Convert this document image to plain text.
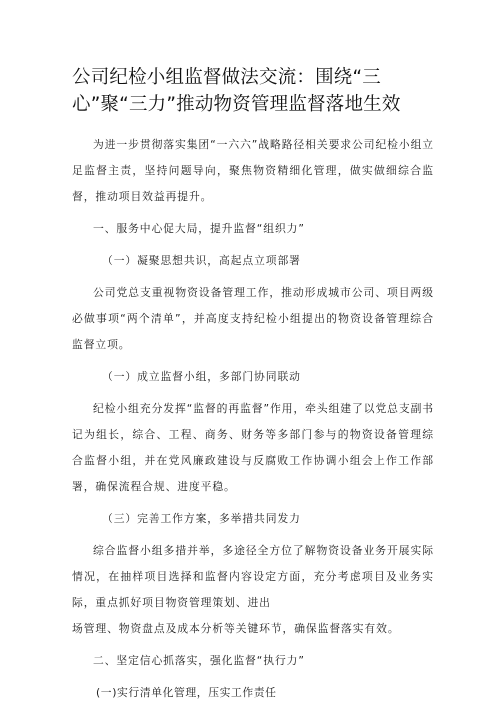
公司纪检小组监督做法交流：围绕“三心”聚“三力”推动物资管理监督落地生效

为进一步贯彻落实集团“一六六”战略路径相关要求公司纪检小组立足监督主责，坚持问题导向，聚焦物资精细化管理，做实做细综合监督，推动项目效益再提升。

一、服务中心促大局，提升监督“组织力”

（一）凝聚思想共识，高起点立项部署

公司党总支重视物资设备管理工作，推动形成城市公司、项目两级必做事项“两个清单”，并高度支持纪检小组提出的物资设备管理综合监督立项。

（一）成立监督小组，多部门协同联动

纪检小组充分发挥“监督的再监督”作用，牵头组建了以党总支副书记为组长，综合、工程、商务、财务等多部门参与的物资设备管理综合监督小组，并在党风廉政建设与反腐败工作协调小组会上作工作部署，确保流程合规、进度平稳。

（三）完善工作方案，多举措共同发力

综合监督小组多措并举，多途径全方位了解物资设备业务开展实际情况，在抽样项目选择和监督内容设定方面，充分考虑项目及业务实际，重点抓好项目物资管理策划、进出

场管理、物资盘点及成本分析等关键环节，确保监督落实有效。

二、坚定信心抓落实，强化监督“执行力”

(一)实行清单化管理，压实工作责任
